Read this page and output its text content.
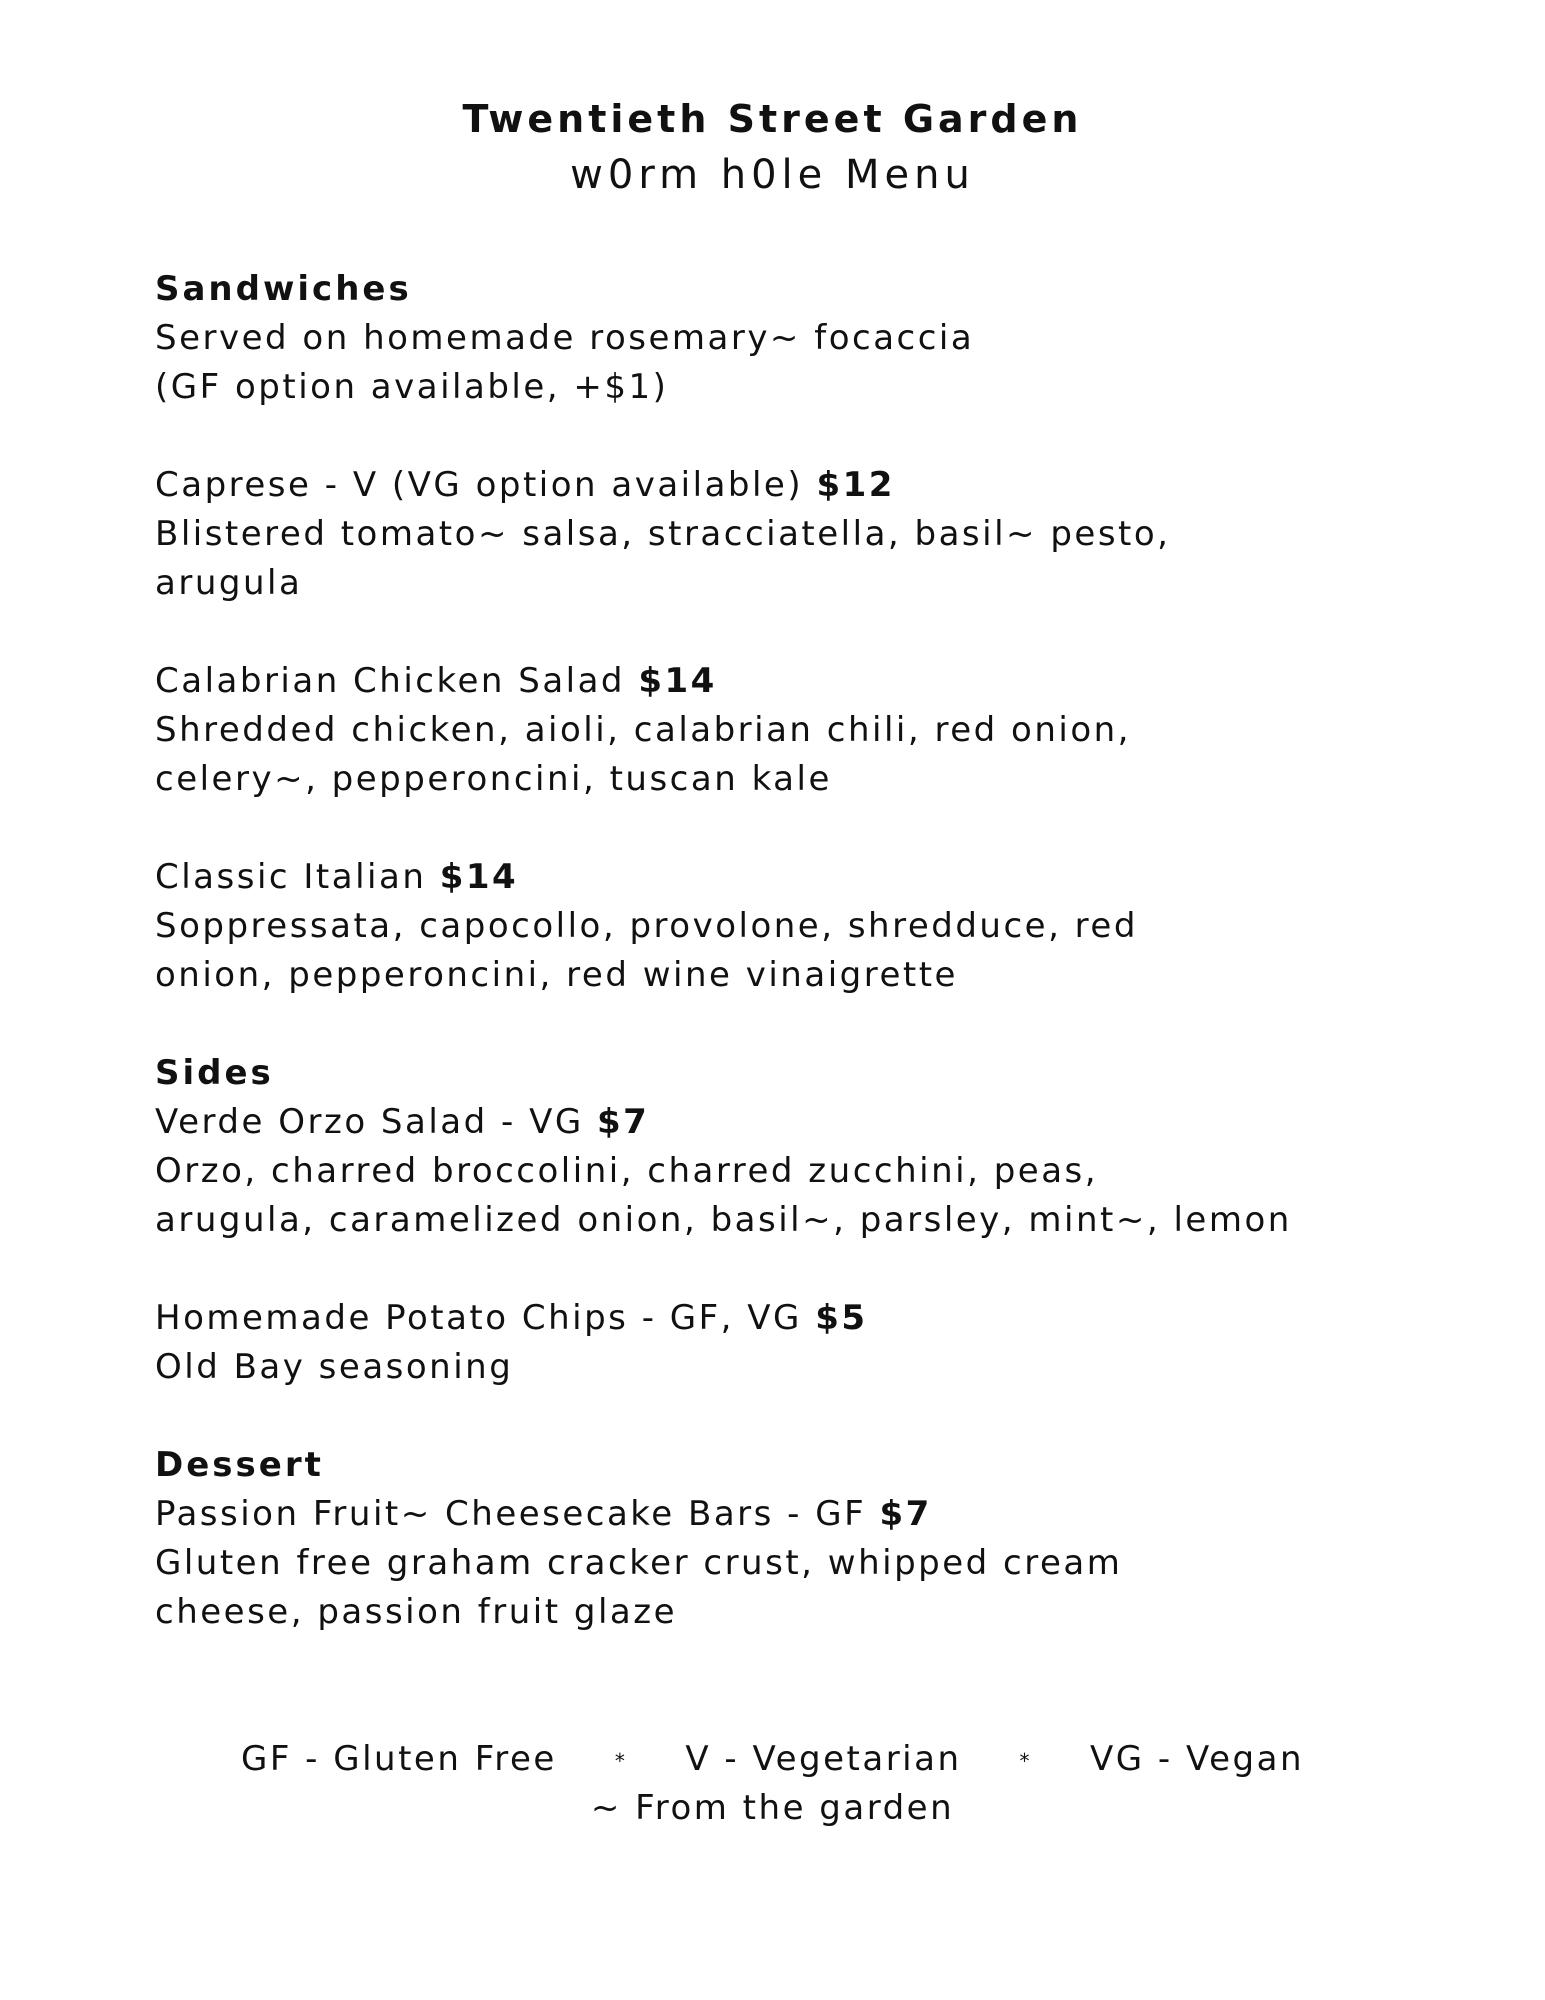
Twentieth Street Garden
w0rm h0le Menu
Sandwiches
Served on homemade rosemary~ focaccia
(GF option available, +$1)
Caprese - V (VG option available) $12
Blistered tomato~ salsa, stracciatella, basil~ pesto,
arugula
Calabrian Chicken Salad $14
Shredded chicken, aioli, calabrian chili, red onion,
celery~, pepperoncini, tuscan kale
Classic Italian $14
Soppressata, capocollo, provolone, shredduce, red
onion, pepperoncini, red wine vinaigrette
Sides
Verde Orzo Salad - VG $7
Orzo, charred broccolini, charred zucchini, peas,
arugula, caramelized onion, basil~, parsley, mint~, lemon
Homemade Potato Chips - GF, VG $5
Old Bay seasoning
Dessert
Passion Fruit~ Cheesecake Bars - GF $7
Gluten free graham cracker crust, whipped cream
cheese, passion fruit glaze
GF - Gluten Free	* V - Vegetarian	* VG - Vegan
~ From the garden
